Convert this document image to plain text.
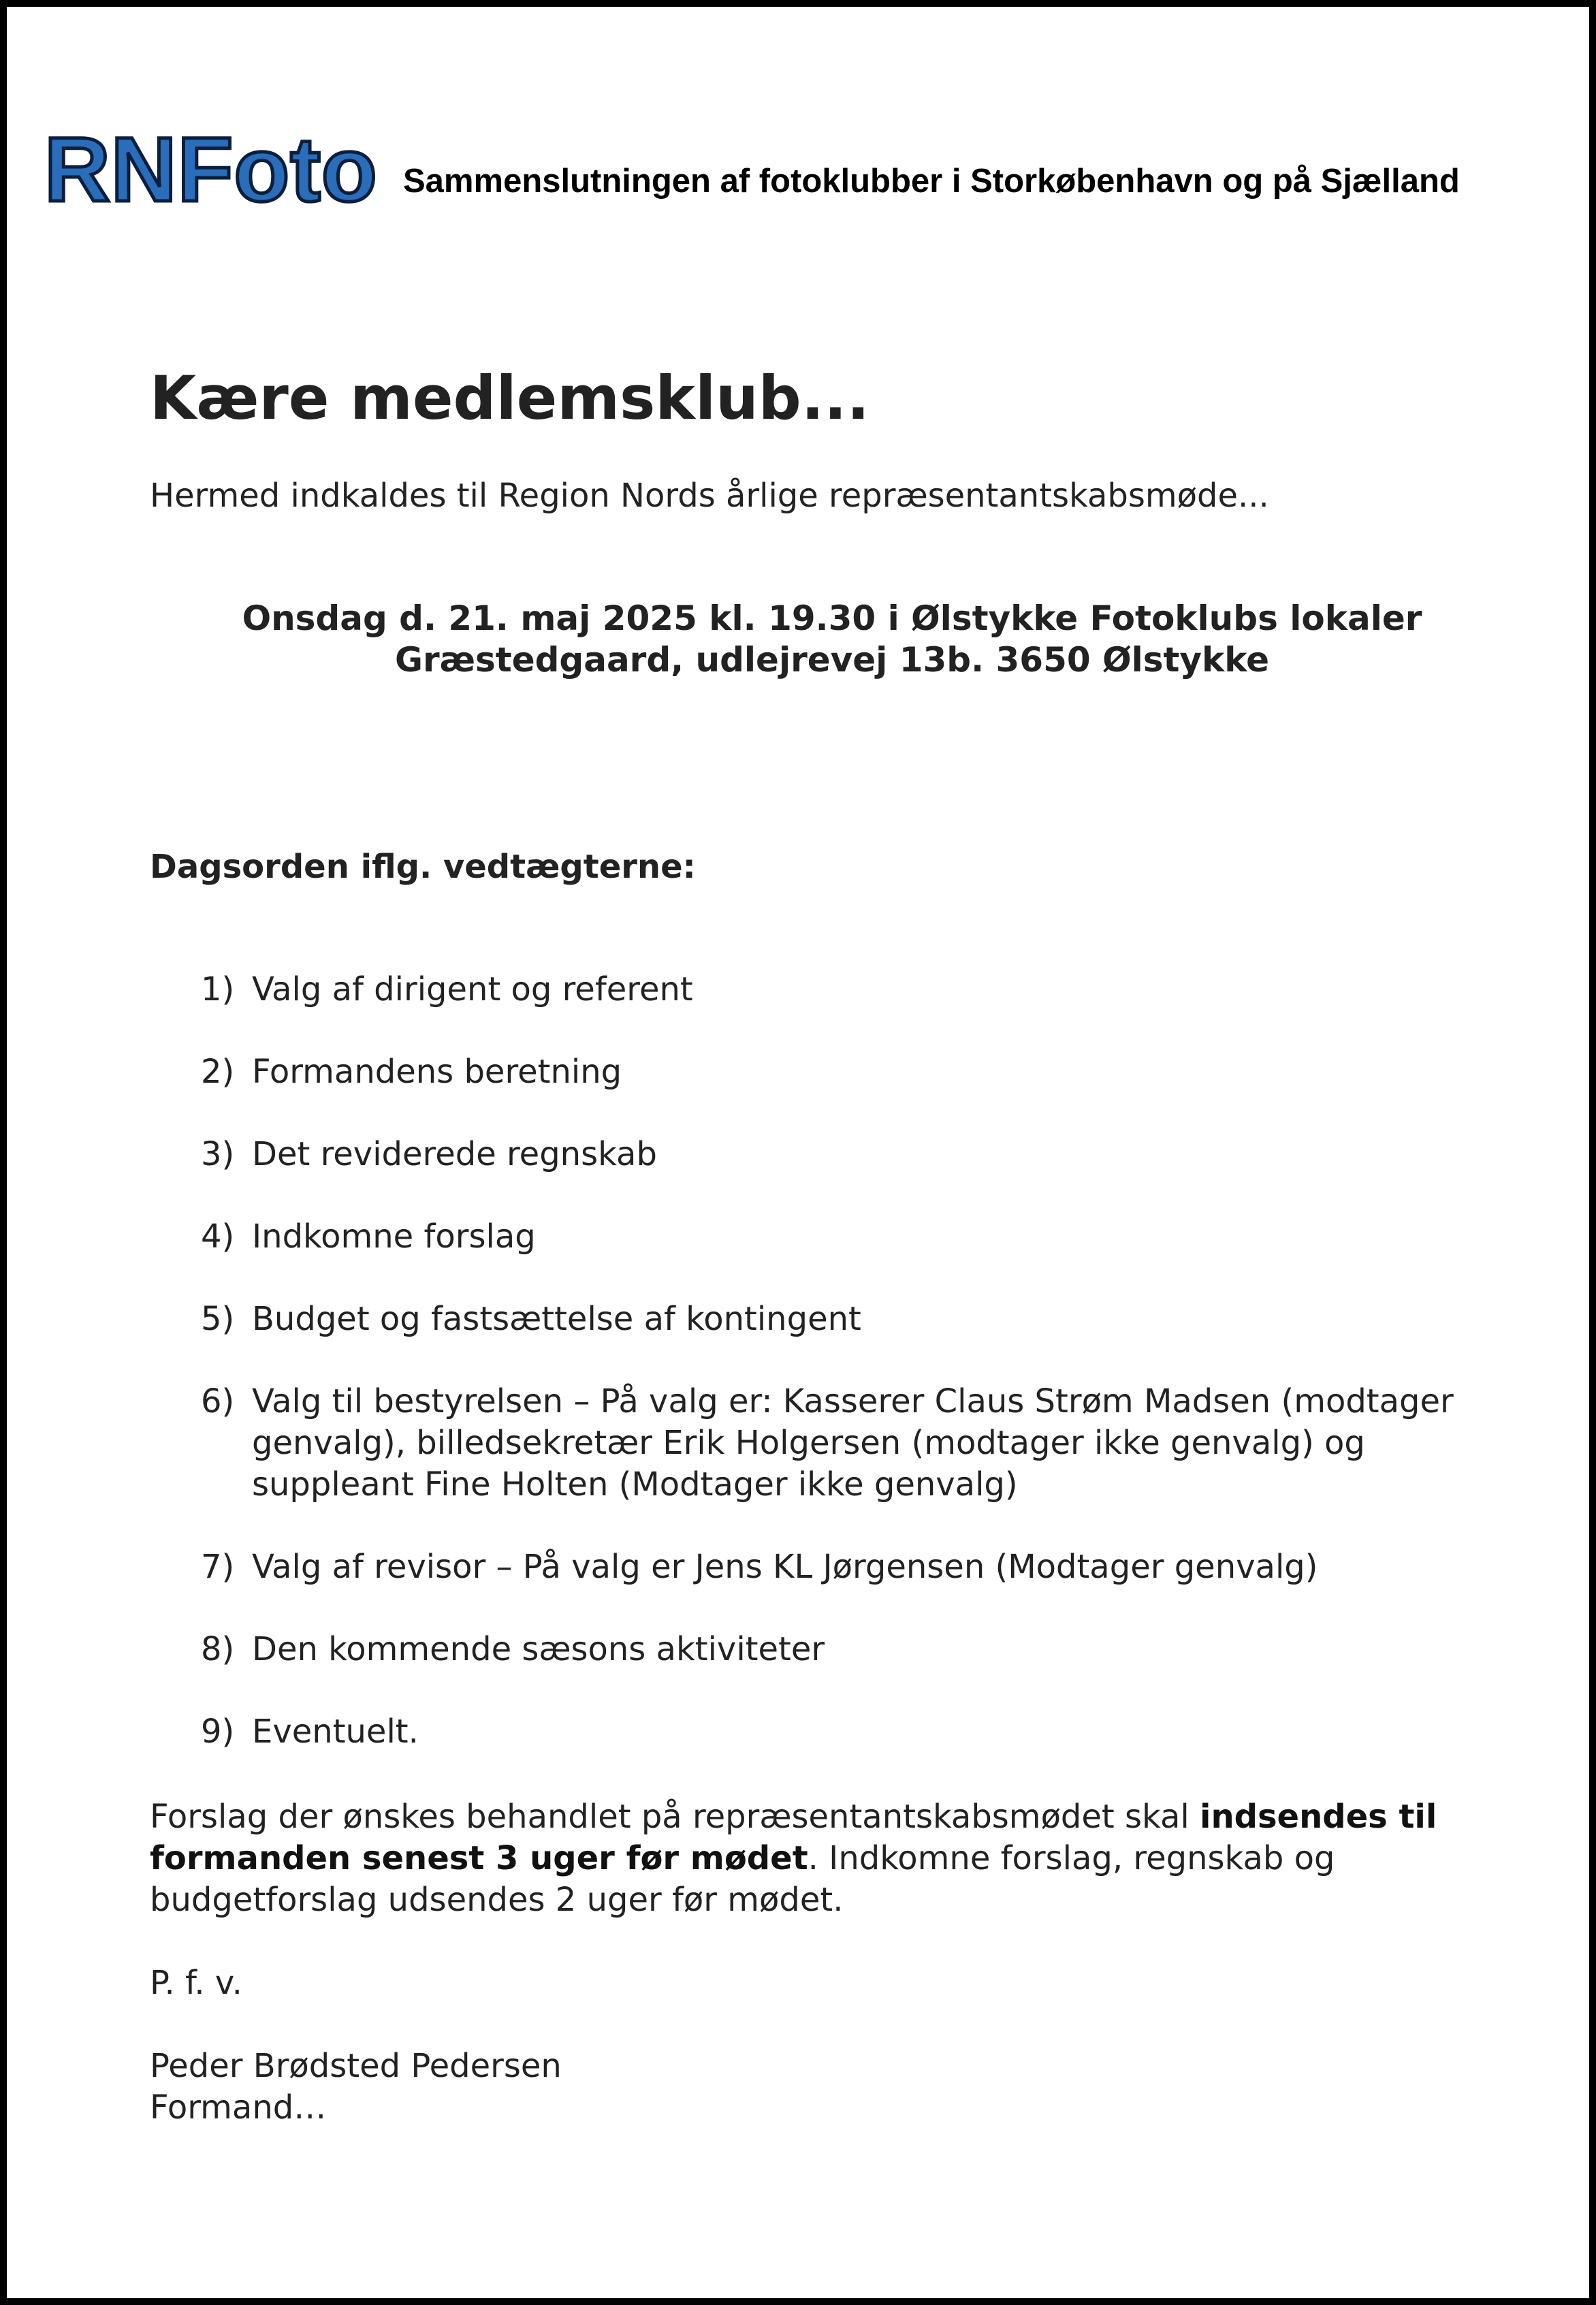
RNFoto Sammenslutningen af fotoklubber i Storkøbenhavn og på Sjælland
Kære medlemsklub...
Hermed indkaldes til Region Nords årlige repræsentantskabsmøde...
Onsdag d. 21. maj 2025 kl. 19.30 i Ølstykke Fotoklubs lokaler
Græstedgaard, udlejrevej 13b. 3650 Ølstykke
Dagsorden iflg. vedtægterne:
1) Valg af dirigent og referent
2) Formandens beretning
3) Det reviderede regnskab
4) Indkomne forslag
5) Budget og fastsættelse af kontingent
6) Valg til bestyrelsen – På valg er: Kasserer Claus Strøm Madsen (modtager genvalg), billedsekretær Erik Holgersen (modtager ikke genvalg) og suppleant Fine Holten (Modtager ikke genvalg)
7) Valg af revisor – På valg er Jens KL Jørgensen (Modtager genvalg)
8) Den kommende sæsons aktiviteter
9) Eventuelt.
Forslag der ønskes behandlet på repræsentantskabsmødet skal indsendes til formanden senest 3 uger før mødet. Indkomne forslag, regnskab og budgetforslag udsendes 2 uger før mødet.
P. f. v.
Peder Brødsted Pedersen
Formand…
